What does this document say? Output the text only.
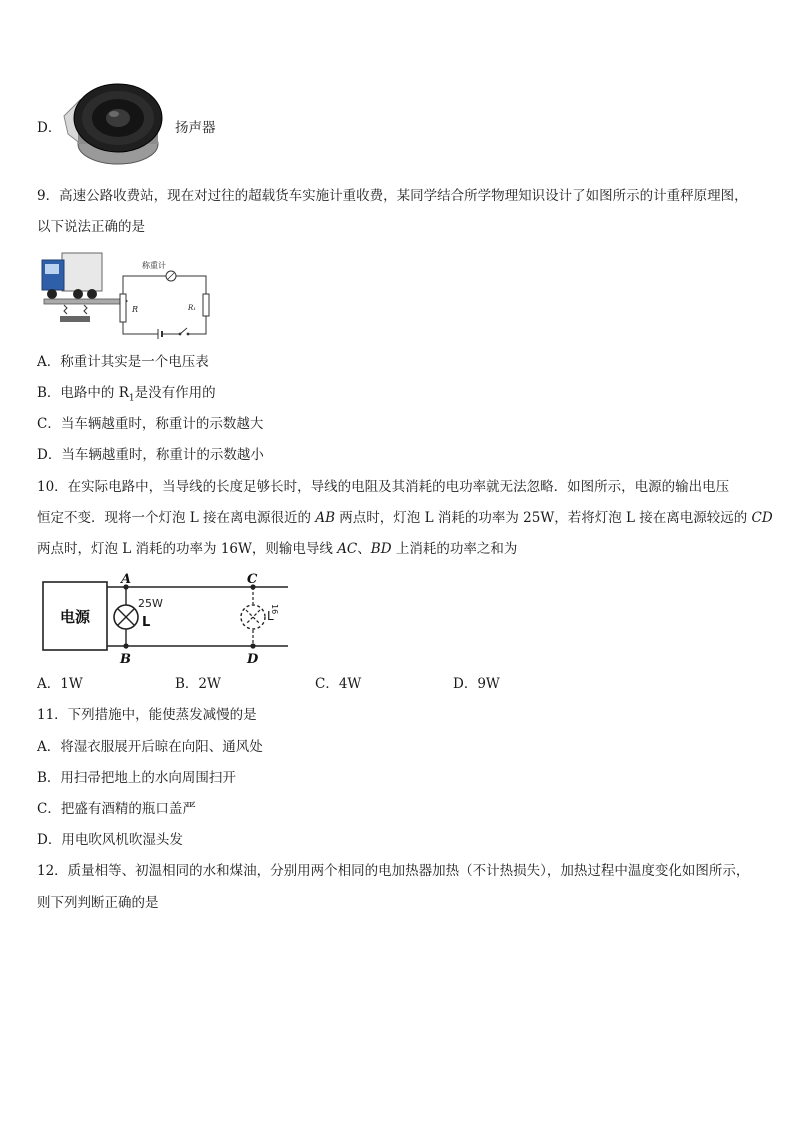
D．	扬声器
9．高速公路收费站，现在对过往的超载货车实施计重收费，某同学结合所学物理知识设计了如图所示的计重秤原理图，
以下说法正确的是
R
称重计
R₁
A．称重计其实是一个电压表
B．电路中的 $R_1$是没有作用的
C．当车辆越重时，称重计的示数越大
D．当车辆越重时，称重计的示数越小
10．在实际电路中，当导线的长度足够长时，导线的电阻及其消耗的电功率就无法忽略．如图所示，电源的输出电压
恒定不变．现将一个灯泡 L 接在离电源很近的 AB 两点时，灯泡 L 消耗的功率为 25W，若将灯泡 L 接在离电源较远的 CD
两点时，灯泡 L 消耗的功率为 16W，则输电导线 AC、BD 上消耗的功率之和为
电源
A
B
L
25W
C
D
L
16
A．1W	B．2W	C．4W	D．9W
11．下列措施中，能使蒸发减慢的是
A．将湿衣服展开后晾在向阳、通风处
B．用扫帚把地上的水向周围扫开
C．把盛有酒精的瓶口盖严
D．用电吹风机吹湿头发
12．质量相等、初温相同的水和煤油，分别用两个相同的电加热器加热（不计热损失），加热过程中温度变化如图所示，
则下列判断正确的是
